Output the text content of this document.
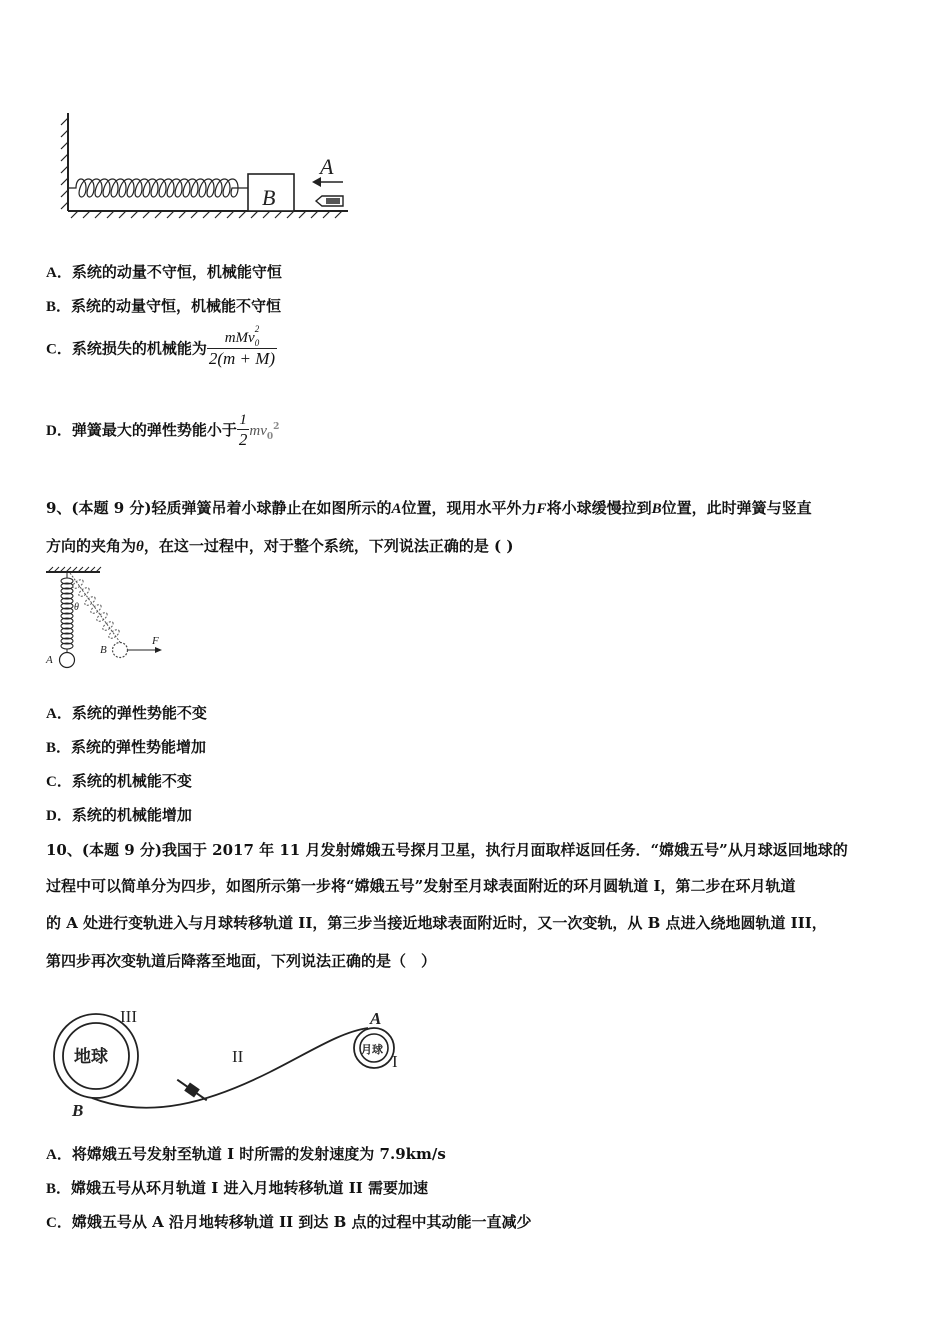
B
A
A．系统的动量不守恒，机械能守恒
B．系统的动量守恒，机械能不守恒
C．系统损失的机械能为 mMv
$_{2 0}$
2(m + M)
D．弹簧最大的弹性势能小于 $\frac{1}{2} mv_0^2$
9、(本题 9 分)轻质弹簧吊着小球静止在如图所示的A位置，现用水平外力F将小球缓慢拉到B位置，此时弹簧与竖直
方向的夹角为θ，在这一过程中，对于整个系统，下列说法正确的是 ( )
A
B
θ
F
A．系统的弹性势能不变
B．系统的弹性势能增加
C．系统的机械能不变
D．系统的机械能增加
10、(本题 9 分)我国于 2017 年 11 月发射嫦娥五号探月卫星，执行月面取样返回任务．“嫦娥五号”从月球返回地球的
过程中可以简单分为四步，如图所示第一步将“嫦娥五号”发射至月球表面附近的环月圆轨道 I，第二步在环月轨道
的 A 处进行变轨进入与月球转移轨道 II，第三步当接近地球表面附近时，又一次变轨，从 B 点进入绕地圆轨道 III，
第四步再次变轨道后降落至地面，下列说法正确的是（　）
地球
III
月球
I
A
II
B
A．将嫦娥五号发射至轨道 I 时所需的发射速度为 7.9km/s
B．嫦娥五号从环月轨道 I 进入月地转移轨道 II 需要加速
C．嫦娥五号从 A 沿月地转移轨道 II 到达 B 点的过程中其动能一直减少
